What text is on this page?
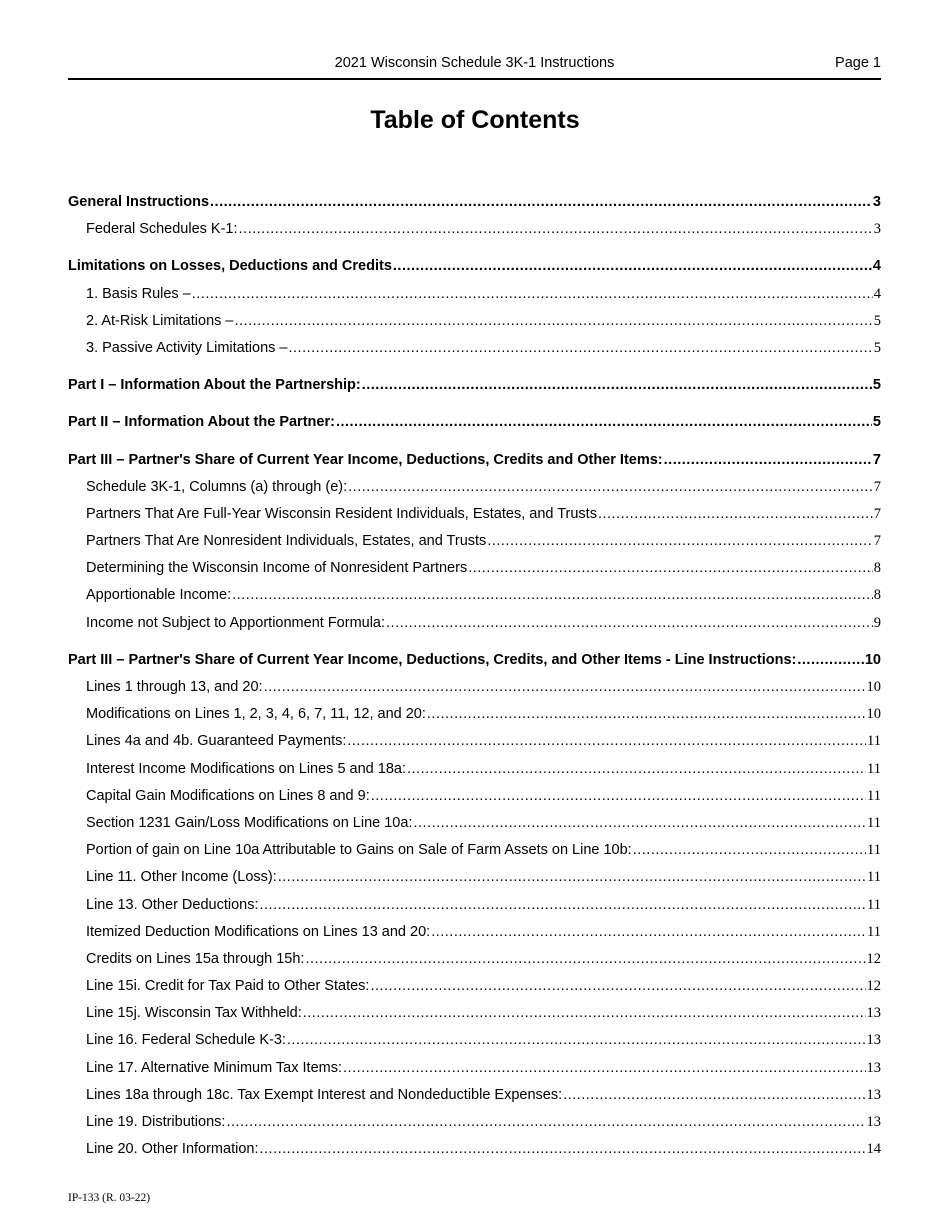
2021 Wisconsin Schedule 3K-1 Instructions	Page 1
Table of Contents
General Instructions .....	3
Federal Schedules K-1: .....	3
Limitations on Losses, Deductions and Credits .....	4
1. Basis Rules – .....	4
2. At-Risk Limitations – .....	5
3. Passive Activity Limitations – .....	5
Part I – Information About the Partnership: .....	5
Part II – Information About the Partner: .....	5
Part III – Partner's Share of Current Year Income, Deductions, Credits and Other Items: .....	7
Schedule 3K-1, Columns (a) through (e): .....	7
Partners That Are Full-Year Wisconsin Resident Individuals, Estates, and Trusts .....	7
Partners That Are Nonresident Individuals, Estates, and Trusts .....	7
Determining the Wisconsin Income of Nonresident Partners .....	8
Apportionable Income: .....	8
Income not Subject to Apportionment Formula: .....	9
Part III – Partner's Share of Current Year Income, Deductions, Credits, and Other Items - Line Instructions: .....	10
Lines 1 through 13, and 20: .....	10
Modifications on Lines 1, 2, 3, 4, 6, 7, 11, 12, and 20: .....	10
Lines 4a and 4b. Guaranteed Payments: .....	11
Interest Income Modifications on Lines 5 and 18a: .....	11
Capital Gain Modifications on Lines 8 and 9: .....	11
Section 1231 Gain/Loss Modifications on Line 10a: .....	11
Portion of gain on Line 10a Attributable to Gains on Sale of Farm Assets on Line 10b: .....	11
Line 11. Other Income (Loss): .....	11
Line 13. Other Deductions: .....	11
Itemized Deduction Modifications on Lines 13 and 20: .....	11
Credits on Lines 15a through 15h: .....	12
Line 15i. Credit for Tax Paid to Other States: .....	12
Line 15j. Wisconsin Tax Withheld: .....	13
Line 16. Federal Schedule K-3: .....	13
Line 17. Alternative Minimum Tax Items: .....	13
Lines 18a through 18c. Tax Exempt Interest and Nondeductible Expenses: .....	13
Line 19. Distributions: .....	13
Line 20. Other Information: .....	14
IP-133 (R. 03-22)
